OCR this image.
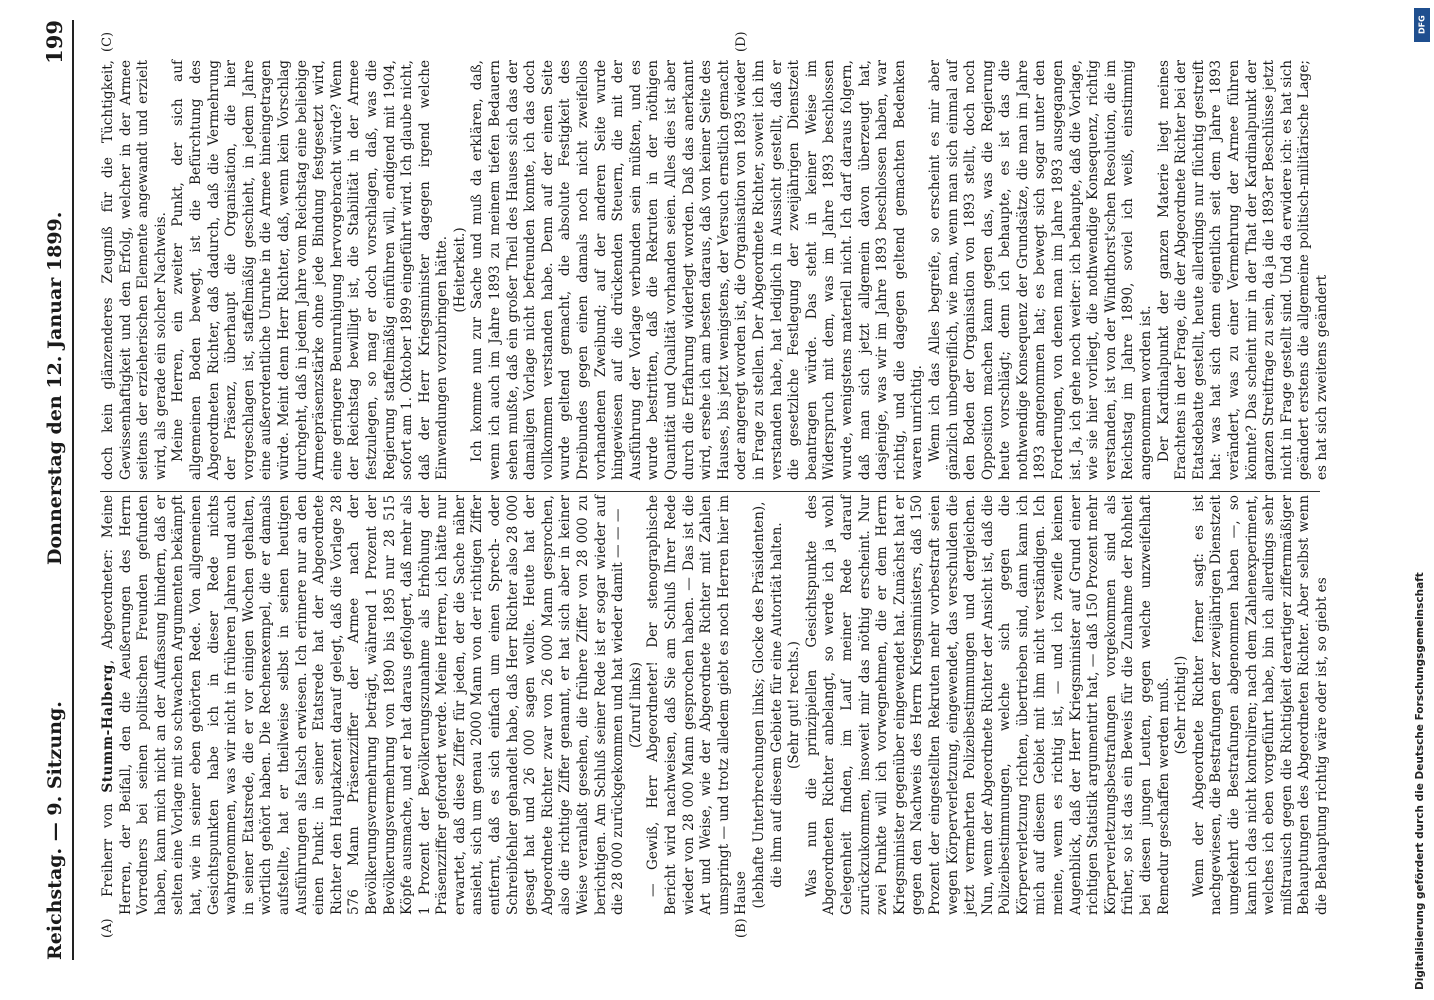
Reichstag. — 9. Sitzung.
Donnerstag den 12. Januar 1899.
199
(A)	(B)
(C)	(D)

Freiherr von Stumm-Halberg, Abgeordneter: Meine Herren, der Beifall, den die Aeußerungen des Herrn Vorredners bei seinen politischen Freunden gefunden haben, kann mich nicht an der Auffassung hindern, daß er selten eine Vorlage mit so schwachen Argumenten bekämpft hat, wie in seiner eben gehörten Rede. Von allgemeinen Gesichtspunkten habe ich in dieser Rede nichts wahrgenommen, was wir nicht in früheren Jahren und auch in seiner Etatsrede, die er vor einigen Wochen gehalten, wörtlich gehört haben. Die Rechenexempel, die er damals aufstellte, hat er theilweise selbst in seinen heutigen Ausführungen als falsch erwiesen. Ich erinnere nur an den einen Punkt: in seiner Etatsrede hat der Abgeordnete Richter den Hauptakzent darauf gelegt, daß die Vorlage 28 576 Mann Präsenzziffer der Armee nach der Bevölkerungsvermehrung beträgt, während 1 Prozent der Bevölkerungsvermehrung von 1890 bis 1895 nur 28 515 Köpfe ausmache, und er hat daraus gefolgert, daß mehr als 1 Prozent der Bevölkerungszunahme als Erhöhung der Präsenzziffer gefordert werde. Meine Herren, ich hätte nur erwartet, daß diese Ziffer für jeden, der die Sache näher ansieht, sich um genau 2000 Mann von der richtigen Ziffer entfernt, daß es sich einfach um einen Sprech- oder Schreibfehler gehandelt habe, daß Herr Richter also 28 000 gesagt hat und 26 000 sagen wollte. Heute hat der Abgeordnete Richter zwar von 26 000 Mann gesprochen, also die richtige Ziffer genannt, er hat sich aber in keiner Weise veranlaßt gesehen, die frühere Ziffer von 28 000 zu berichtigen. Am Schluß seiner Rede ist er sogar wieder auf die 28 000 zurückgekommen und hat wieder damit — — — (Zuruf links) — Gewiß, Herr Abgeordneter! Der stenographische Bericht wird nachweisen, daß Sie am Schluß Ihrer Rede wieder von 28 000 Mann gesprochen haben. — Das ist die Art und Weise, wie der Abgeordnete Richter mit Zahlen umspringt — und trotz alledem giebt es noch Herren hier im Hause (lebhafte Unterbrechungen links; Glocke des Präsidenten), die ihm auf diesem Gebiete für eine Autorität halten. (Sehr gut! rechts.) Was nun die prinzipiellen Gesichtspunkte des Abgeordneten Richter anbelangt, so werde ich ja wohl Gelegenheit finden, im Lauf meiner Rede darauf zurückzukommen, insoweit mir das nöthig erscheint. Nur zwei Punkte will ich vorwegnehmen, die er dem Herrn Kriegsminister gegenüber eingewendet hat. Zunächst hat er gegen den Nachweis des Herrn Kriegsministers, daß 150 Prozent der eingestellten Rekruten mehr vorbestraft seien wegen Körperverletzung, eingewendet, das verschulden die jetzt vermehrten Polizeibestimmungen und dergleichen. Nun, wenn der Abgeordnete Richter der Ansicht ist, daß die Polizeibestimmungen, welche sich gegen die Körperverletzung richten, übertrieben sind, dann kann ich mich auf diesem Gebiet mit ihm nicht verständigen. Ich meine, wenn es richtig ist, — und ich zweifle keinen Augenblick, daß der Herr Kriegsminister auf Grund einer richtigen Statistik argumentirt hat, — daß 150 Prozent mehr Körperverletzungsbestrafungen vorgekommen sind als früher, so ist das ein Beweis für die Zunahme der Rohheit bei diesen jungen Leuten, gegen welche unzweifelhaft Remedur geschaffen werden muß. (Sehr richtig!) Wenn der Abgeordnete Richter ferner sagt: es ist nachgewiesen, die Bestrafungen der zweijährigen Dienstzeit umgekehrt die Bestrafungen abgenommen haben —, so kann ich das nicht kontroliren; nach dem Zahlenexperiment, welches ich eben vorgeführt habe, bin ich allerdings sehr mißtrauisch gegen die Richtigkeit derartiger ziffernmäßiger Behauptungen des Abgeordneten Richter. Aber selbst wenn die Behauptung richtig wäre oder ist, so giebt es

doch kein glänzenderes Zeugniß für die Tüchtigkeit, Gewissenhaftigkeit und den Erfolg, welcher in der Armee seitens der erzieherischen Elemente angewandt und erzielt wird, als gerade ein solcher Nachweis. Meine Herren, ein zweiter Punkt, der sich auf allgemeinen Boden bewegt, ist die Befürchtung des Abgeordneten Richter, daß dadurch, daß die Vermehrung der Präsenz, überhaupt die Organisation, die hier vorgeschlagen ist, staffelmäßig geschieht, in jedem Jahre eine außerordentliche Unruhe in die Armee hineingetragen würde. Meint denn Herr Richter, daß, wenn kein Vorschlag durchgeht, daß in jedem Jahre vom Reichstag eine beliebige Armeepräsenzstärke ohne jede Bindung festgesetzt wird, eine geringere Beunruhigung hervorgebracht würde? Wenn der Reichstag bewilligt ist, die Stabilität in der Armee festzulegen, so mag er doch vorschlagen, daß, was die Regierung staffelmäßig einführen will, endigend mit 1904, sofort am 1. Oktober 1899 eingeführt wird. Ich glaube nicht, daß der Herr Kriegsminister dagegen irgend welche Einwendungen vorzubringen hätte. (Heiterkeit.) Ich komme nun zur Sache und muß da erklären, daß, wenn ich auch im Jahre 1893 zu meinem tiefen Bedauern sehen mußte, daß ein großer Theil des Hauses sich das der damaligen Vorlage nicht befreunden konnte, ich das doch vollkommen verstanden habe. Denn auf der einen Seite wurde geltend gemacht, die absolute Festigkeit des Dreibundes gegen einen damals noch nicht zweifellos vorhandenen Zweibund; auf der anderen Seite wurde hingewiesen auf die drückenden Steuern, die mit der Ausführung der Vorlage verbunden sein müßten, und es wurde bestritten, daß die Rekruten in der nöthigen Quantität und Qualität vorhanden seien. Alles dies ist aber durch die Erfahrung widerlegt worden. Daß das anerkannt wird, ersehe ich am besten daraus, daß von keiner Seite des Hauses, bis jetzt wenigstens, der Versuch ernstlich gemacht oder angeregt worden ist, die Organisation von 1893 wieder in Frage zu stellen. Der Abgeordnete Richter, soweit ich ihn verstanden habe, hat lediglich in Aussicht gestellt, daß er die gesetzliche Festlegung der zweijährigen Dienstzeit beantragen würde. Das steht in keiner Weise im Widerspruch mit dem, was im Jahre 1893 beschlossen wurde, wenigstens materiell nicht. Ich darf daraus folgern, daß man sich jetzt allgemein davon überzeugt hat, dasjenige, was wir im Jahre 1893 beschlossen haben, war richtig, und die dagegen geltend gemachten Bedenken waren unrichtig. Wenn ich das Alles begreife, so erscheint es mir aber gänzlich unbegreiflich, wie man, wenn man sich einmal auf den Boden der Organisation von 1893 stellt, doch noch Opposition machen kann gegen das, was die Regierung heute vorschlägt; denn ich behaupte, es ist das die nothwendige Konsequenz der Grundsätze, die man im Jahre 1893 angenommen hat; es bewegt sich sogar unter den Forderungen, von denen man im Jahre 1893 ausgegangen ist. Ja, ich gehe noch weiter: ich behaupte, daß die Vorlage, wie sie hier vorliegt, die nothwendige Konsequenz, richtig verstanden, ist von der Windthorst'schen Resolution, die im Reichstag im Jahre 1890, soviel ich weiß, einstimmig angenommen worden ist. Der Kardinalpunkt der ganzen Materie liegt meines Erachtens in der Frage, die der Abgeordnete Richter bei der Etatsdebatte gestellt, heute allerdings nur flüchtig gestreift hat: was hat sich denn eigentlich seit dem Jahre 1893 verändert, was zu einer Vermehrung der Armee führen könnte? Das scheint mir in der That der Kardinalpunkt der ganzen Streitfrage zu sein, da ja die 1893er Beschlüsse jetzt nicht in Frage gestellt sind. Und da erwidere ich: es hat sich geändert erstens die allgemeine politisch-militärische Lage; es hat sich zweitens geändert

Digitalisierung gefördert durch die Deutsche Forschungsgemeinschaft
DFG
